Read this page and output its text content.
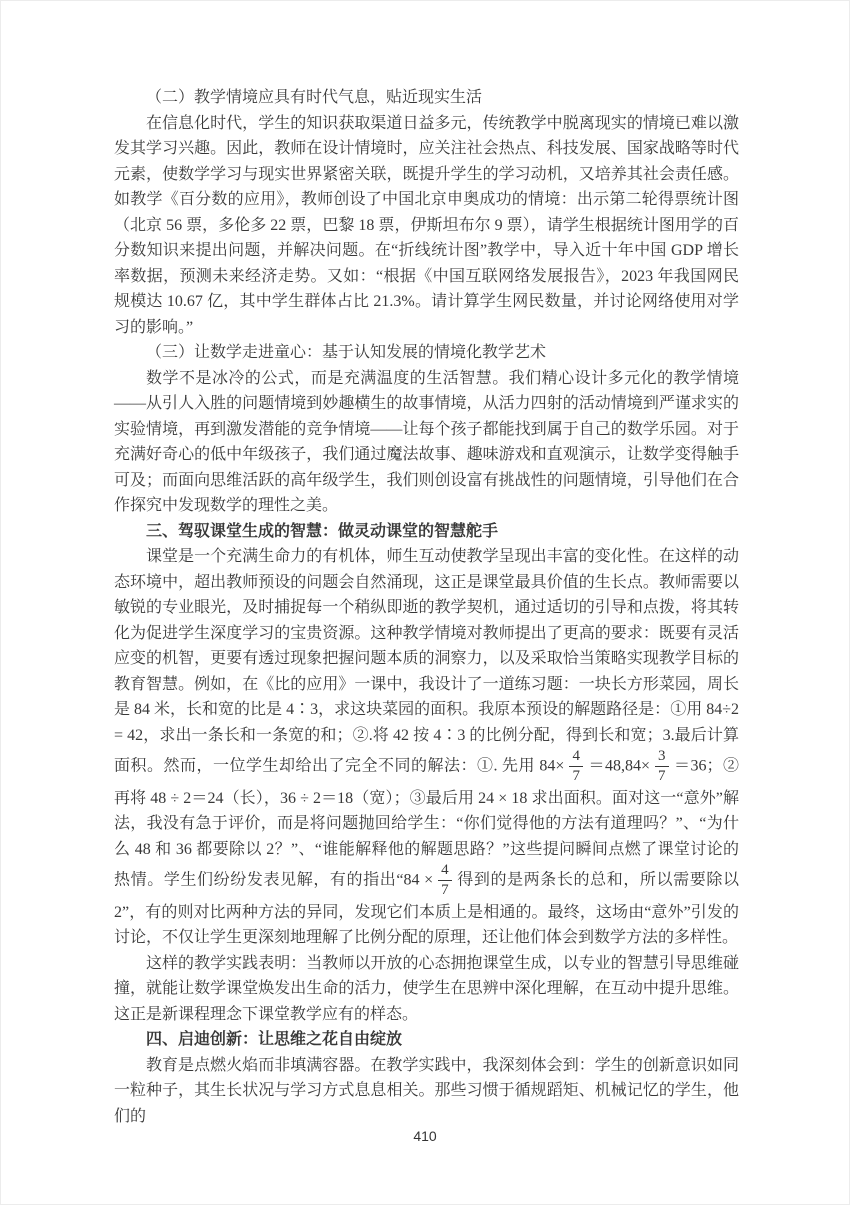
（二）教学情境应具有时代气息，贴近现实生活

在信息化时代，学生的知识获取渠道日益多元，传统教学中脱离现实的情境已难以激发其学习兴趣。因此，教师在设计情境时，应关注社会热点、科技发展、国家战略等时代元素，使数学学习与现实世界紧密关联，既提升学生的学习动机，又培养其社会责任感。如教学《百分数的应用》，教师创设了中国北京申奥成功的情境：出示第二轮得票统计图（北京 56 票，多伦多 22 票，巴黎 18 票，伊斯坦布尔 9 票），请学生根据统计图用学的百分数知识来提出问题，并解决问题。在“折线统计图”教学中，导入近十年中国 GDP 增长率数据，预测未来经济走势。又如：“根据《中国互联网络发展报告》，2023 年我国网民规模达 10.67 亿，其中学生群体占比 21.3%。请计算学生网民数量，并讨论网络使用对学习的影响。”

（三）让数学走进童心：基于认知发展的情境化教学艺术

数学不是冰冷的公式，而是充满温度的生活智慧。我们精心设计多元化的教学情境——从引人入胜的问题情境到妙趣横生的故事情境，从活力四射的活动情境到严谨求实的实验情境，再到激发潜能的竞争情境——让每个孩子都能找到属于自己的数学乐园。对于充满好奇心的低中年级孩子，我们通过魔法故事、趣味游戏和直观演示，让数学变得触手可及；而面向思维活跃的高年级学生，我们则创设富有挑战性的问题情境，引导他们在合作探究中发现数学的理性之美。

三、驾驭课堂生成的智慧：做灵动课堂的智慧舵手

课堂是一个充满生命力的有机体，师生互动使教学呈现出丰富的变化性。在这样的动态环境中，超出教师预设的问题会自然涌现，这正是课堂最具价值的生长点。教师需要以敏锐的专业眼光，及时捕捉每一个稍纵即逝的教学契机，通过适切的引导和点拨，将其转化为促进学生深度学习的宝贵资源。这种教学情境对教师提出了更高的要求：既要有灵活应变的机智，更要有透过现象把握问题本质的洞察力，以及采取恰当策略实现教学目标的教育智慧。例如，在《比的应用》一课中，我设计了一道练习题：一块长方形菜园，周长是 84 米，长和宽的比是 4∶3，求这块菜园的面积。我原本预设的解题路径是：①用 84÷2 = 42，求出一条长和一条宽的和；②.将 42 按 4∶3 的比例分配，得到长和宽；3.最后计算面积。然而，一位学生却给出了完全不同的解法：①. 先用 $84\times \frac{4}{7} =48,84\times \frac{3}{7} =36$；②再将 48 ÷ 2＝24（长），36 ÷ 2＝18（宽）；③最后用 24 × 18 求出面积。面对这一“意外”解法，我没有急于评价，而是将问题抛回给学生：“你们觉得他的方法有道理吗？”、“为什么 48 和 36 都要除以 2？”、“谁能解释他的解题思路？”这些提问瞬间点燃了课堂讨论的热情。学生们纷纷发表见解，有的指出“$84 \times \frac{4}{7}$ 得到的是两条长的总和，所以需要除以 2”，有的则对比两种方法的异同，发现它们本质上是相通的。最终，这场由“意外”引发的讨论，不仅让学生更深刻地理解了比例分配的原理，还让他们体会到数学方法的多样性。

这样的教学实践表明：当教师以开放的心态拥抱课堂生成，以专业的智慧引导思维碰撞，就能让数学课堂焕发出生命的活力，使学生在思辨中深化理解，在互动中提升思维。这正是新课程理念下课堂教学应有的样态。

四、启迪创新：让思维之花自由绽放

教育是点燃火焰而非填满容器。在教学实践中，我深刻体会到：学生的创新意识如同一粒种子，其生长状况与学习方式息息相关。那些习惯于循规蹈矩、机械记忆的学生，他们的

410
